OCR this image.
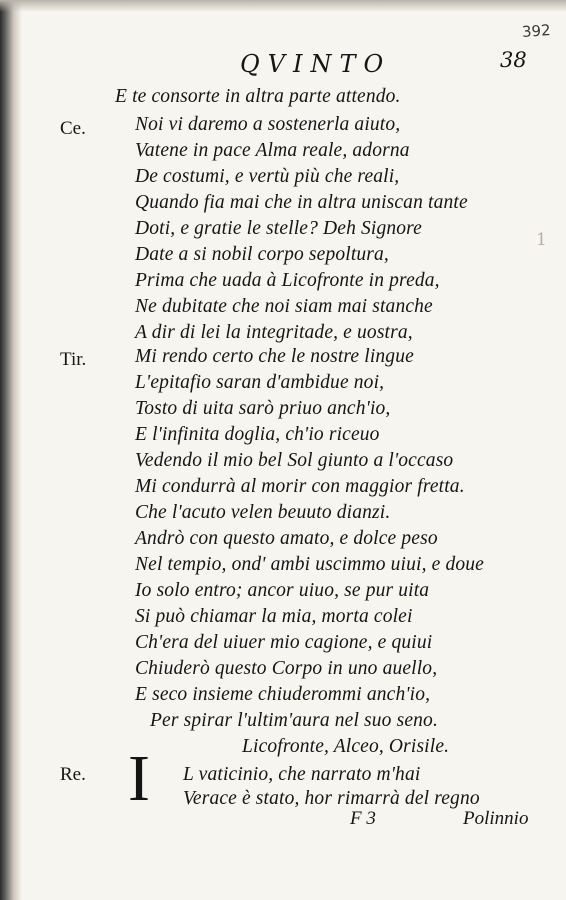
1
QVINTO	38
392
Ce.
Tir.
Re.
E te consorte in altra parte attendo.
Noi vi daremo a sostenerla aiuto,
Vatene in pace Alma reale, adorna
De costumi, e vertù più che reali,
Quando fia mai che in altra uniscan tante
Doti, e gratie le stelle? Deh Signore
Date a si nobil corpo sepoltura,
Prima che uada à Licofronte in preda,
Ne dubitate che noi siam mai stanche
A dir di lei la integritade, e uostra,
Mi rendo certo che le nostre lingue
L'epitafio saran d'ambidue noi,
Tosto di uita sarò priuo anch'io,
E l'infinita doglia, ch'io riceuo
Vedendo il mio bel Sol giunto a l'occaso
Mi condurrà al morir con maggior fretta.
Che l'acuto velen beuuto dianzi.
Andrò con questo amato, e dolce peso
Nel tempio, ond' ambi uscimmo uiui, e doue
Io solo entro; ancor uiuo, se pur uita
Si può chiamar la mia, morta colei
Ch'era del uiuer mio cagione, e quiui
Chiuderò questo Corpo in uno auello,
E seco insieme chiuderommi anch'io,
Per spirar l'ultim'aura nel suo seno.
Licofronte, Alceo, Orisile.
I L vaticinio, che narrato m'hai
Verace è stato, hor rimarrà del regno
F 3	Polinnio
